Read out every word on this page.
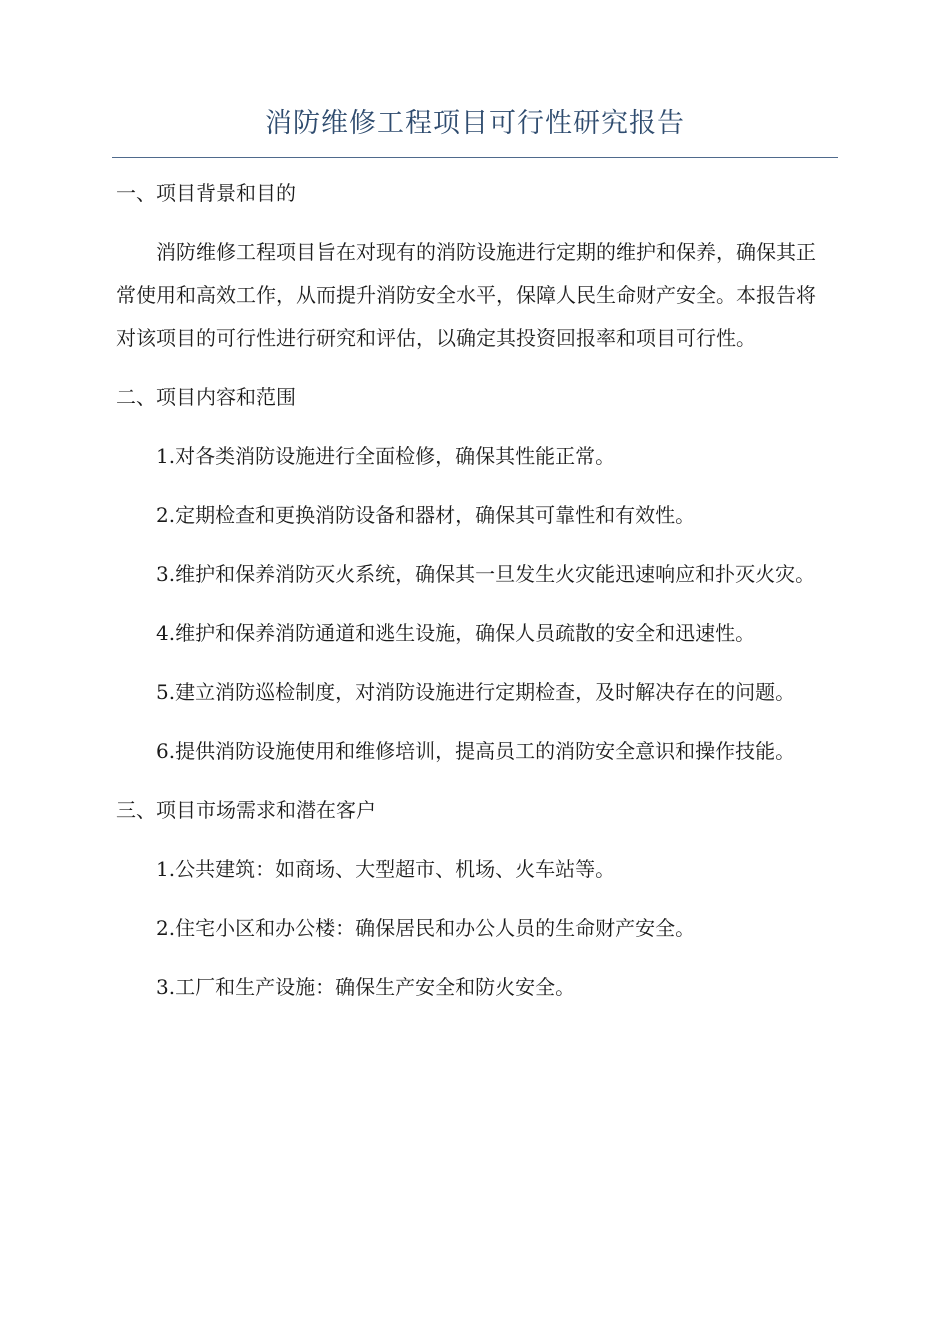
消防维修工程项目可行性研究报告

一、项目背景和目的

消防维修工程项目旨在对现有的消防设施进行定期的维护和保养，确保其正常使用和高效工作，从而提升消防安全水平，保障人民生命财产安全。本报告将对该项目的可行性进行研究和评估，以确定其投资回报率和项目可行性。

二、项目内容和范围

1.对各类消防设施进行全面检修，确保其性能正常。

2.定期检查和更换消防设备和器材，确保其可靠性和有效性。

3.维护和保养消防灭火系统，确保其一旦发生火灾能迅速响应和扑灭火灾。

4.维护和保养消防通道和逃生设施，确保人员疏散的安全和迅速性。

5.建立消防巡检制度，对消防设施进行定期检查，及时解决存在的问题。

6.提供消防设施使用和维修培训，提高员工的消防安全意识和操作技能。

三、项目市场需求和潜在客户

1.公共建筑：如商场、大型超市、机场、火车站等。

2.住宅小区和办公楼：确保居民和办公人员的生命财产安全。

3.工厂和生产设施：确保生产安全和防火安全。
